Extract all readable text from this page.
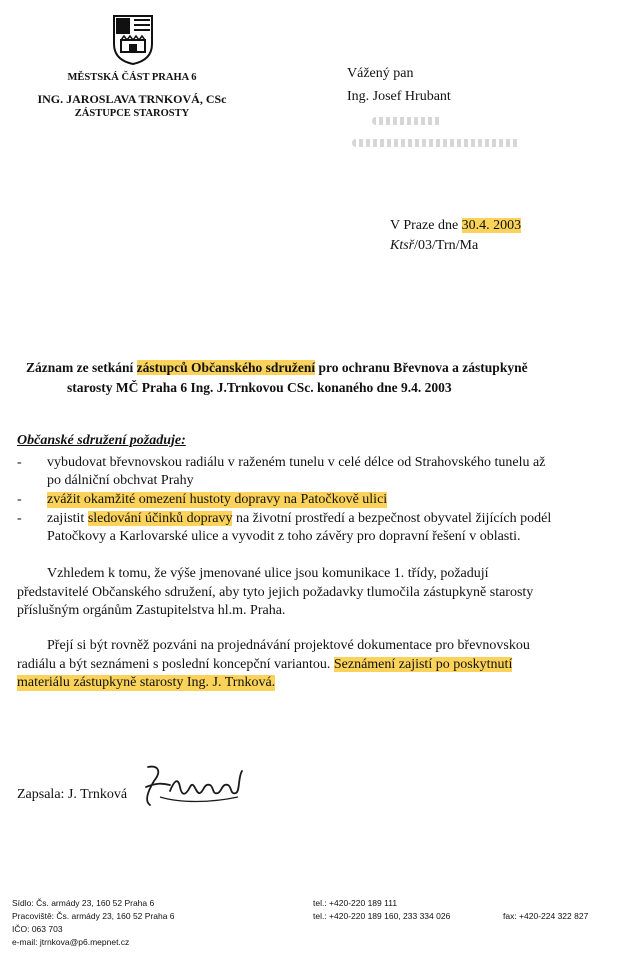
MĚSTSKÁ ČÁST PRAHA 6
ING. JAROSLAVA TRNKOVÁ, CSc
ZÁSTUPCE STAROSTY
Vážený pan
Ing. Josef Hrubant
V Praze dne 30.4. 2003
Ktsř/03/Trn/Ma
Záznam ze setkání zástupců Občanského sdružení pro ochranu Břevnova a zástupkyně
starosty MČ Praha 6 Ing. J.Trnkovou CSc. konaného dne 9.4. 2003
Občanské sdružení požaduje:
- vybudovat břevnovskou radiálu v raženém tunelu v celé délce od Strahovského tunelu až
po dálniční obchvat Prahy
- zvážit okamžité omezení hustoty dopravy na Patočkově ulici
- zajistit sledování účinků dopravy na životní prostředí a bezpečnost obyvatel žijících podél
Patočkovy a Karlovarské ulice a vyvodit z toho závěry pro dopravní řešení v oblasti.
Vzhledem k tomu, že výše jmenované ulice jsou komunikace 1. třídy, požadují
představitelé Občanského sdružení, aby tyto jejich požadavky tlumočila zástupkyně starosty
příslušným orgánům Zastupitelstva hl.m. Praha.
Přejí si být rovněž pozváni na projednávání projektové dokumentace pro břevnovskou
radiálu a být seznámeni s poslední koncepční variantou. Seznámení zajistí po poskytnutí
materiálu zástupkyně starosty Ing. J. Trnková.
Zapsala: J. Trnková
Sídlo: Čs. armády 23, 160 52 Praha 6
Pracoviště: Čs. armády 23, 160 52 Praha 6
IČO: 063 703
e-mail: jtrnkova@p6.mepnet.cz
tel.: +420-220 189 111
tel.: +420-220 189 160, 233 334 026	fax: +420-224 322 827
